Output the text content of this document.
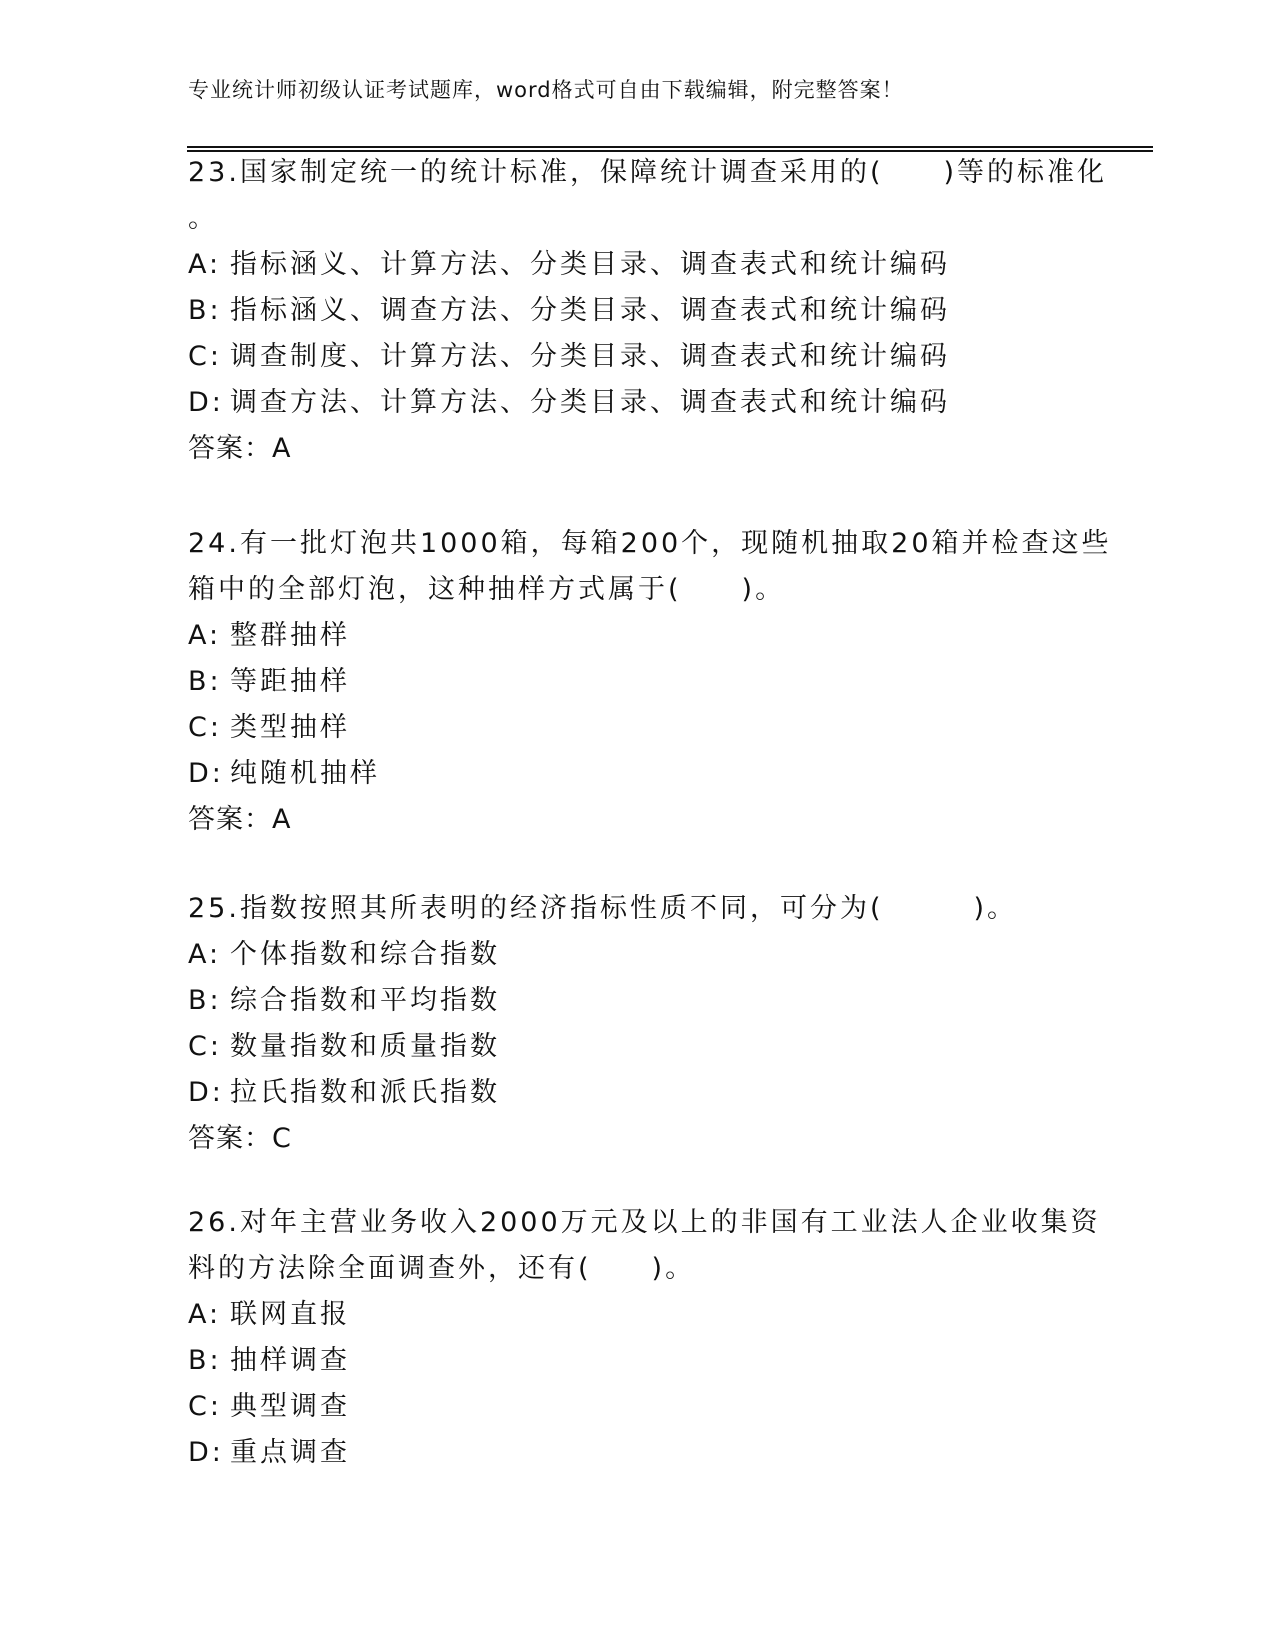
专业统计师初级认证考试题库，word格式可自由下载编辑，附完整答案！
23.国家制定统一的统计标准，保障统计调查采用的(　　)等的标准化
。
A: 指标涵义、计算方法、分类目录、调查表式和统计编码
B: 指标涵义、调查方法、分类目录、调查表式和统计编码
C: 调查制度、计算方法、分类目录、调查表式和统计编码
D: 调查方法、计算方法、分类目录、调查表式和统计编码
答案：A
24.有一批灯泡共1000箱，每箱200个，现随机抽取20箱并检查这些
箱中的全部灯泡，这种抽样方式属于(　　)。
A: 整群抽样
B: 等距抽样
C: 类型抽样
D: 纯随机抽样
答案：A
25.指数按照其所表明的经济指标性质不同，可分为(　　　)。
A: 个体指数和综合指数
B: 综合指数和平均指数
C: 数量指数和质量指数
D: 拉氏指数和派氏指数
答案：C
26.对年主营业务收入2000万元及以上的非国有工业法人企业收集资
料的方法除全面调查外，还有(　　)。
A: 联网直报
B: 抽样调查
C: 典型调查
D: 重点调查
